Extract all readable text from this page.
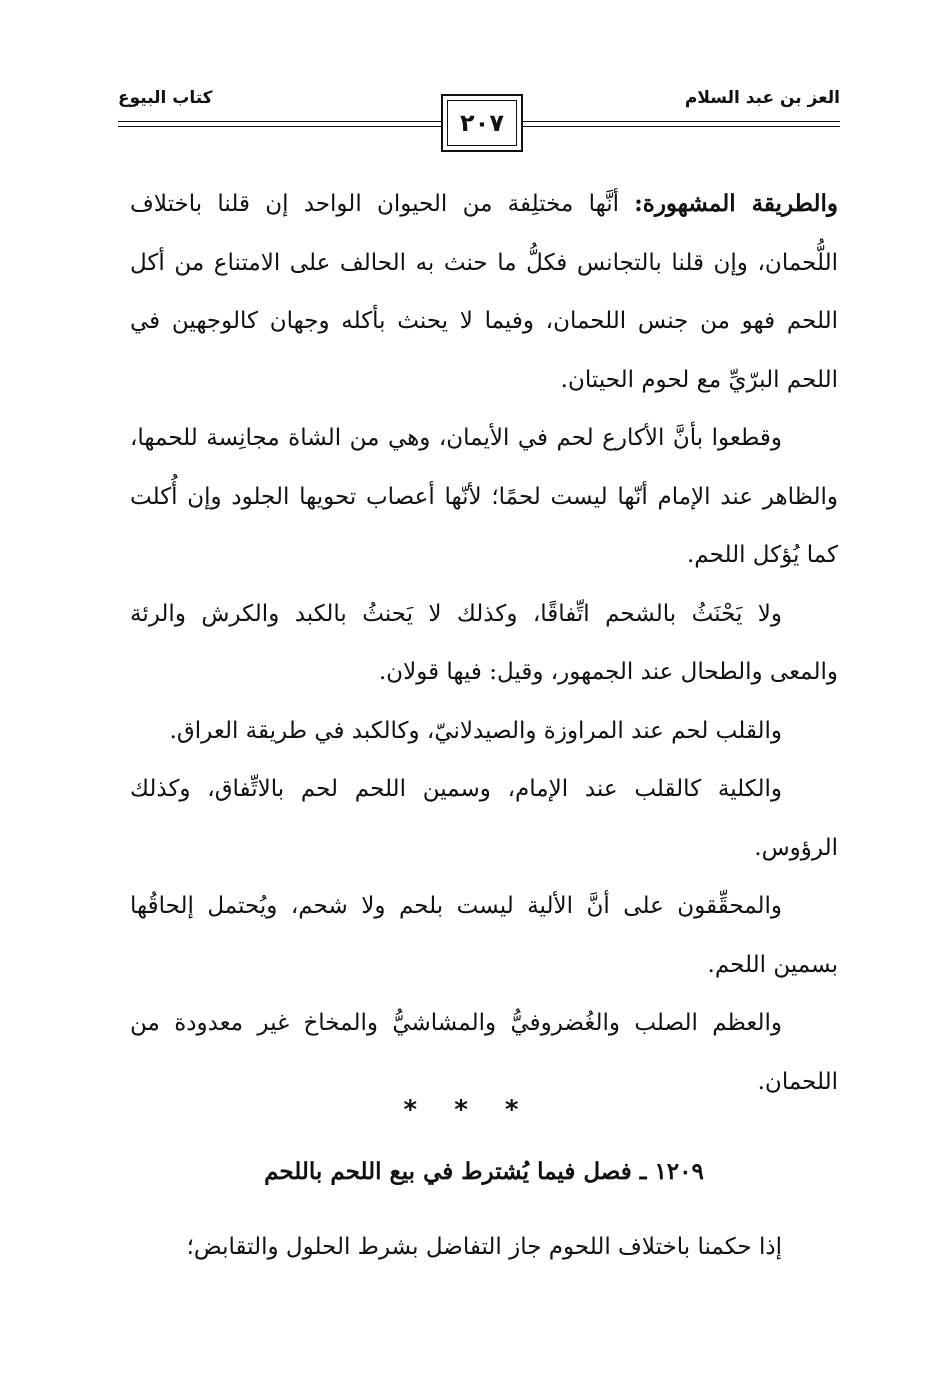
العز بن عبد السلام
كتاب البيوع
٢٠٧

والطريقة المشهورة: أنَّها مختلِفة من الحيوان الواحد إن قلنا باختلاف اللُّحمان، وإن قلنا بالتجانس فكلُّ ما حنث به الحالف على الامتناع من أكل اللحم فهو من جنس اللحمان، وفيما لا يحنث بأكله وجهان كالوجهين في اللحم البرّيِّ مع لحوم الحيتان.

وقطعوا بأنَّ الأكارع لحم في الأيمان، وهي من الشاة مجانِسة للحمها، والظاهر عند الإمام أنّها ليست لحمًا؛ لأنّها أعصاب تحويها الجلود وإن أُكلت كما يُؤكل اللحم.

ولا يَحْنَثُ بالشحم اتِّفاقًا، وكذلك لا يَحنثُ بالكبد والكرش والرئة والمعى والطحال عند الجمهور، وقيل: فيها قولان.

والقلب لحم عند المراوزة والصيدلانيّ، وكالكبد في طريقة العراق.

والكلية كالقلب عند الإمام، وسمين اللحم لحم بالاتِّفاق، وكذلك الرؤوس.

والمحقِّقون على أنَّ الألية ليست بلحم ولا شحم، ويُحتمل إلحاقُها بسمين اللحم.

والعظم الصلب والغُضروفيُّ والمشاشيُّ والمخاخ غير معدودة من اللحمان.

* * *
١٢٠٩ ـ فصل فيما يُشترط في بيع اللحم باللحم
إذا حكمنا باختلاف اللحوم جاز التفاضل بشرط الحلول والتقابض؛
